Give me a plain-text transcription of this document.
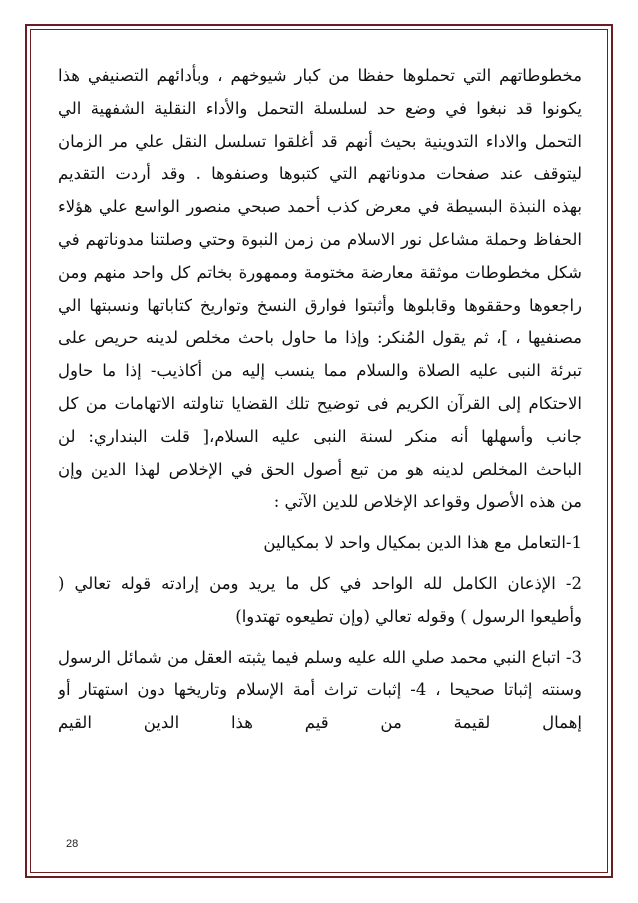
مخطوطاتهم التي تحملوها حفظا من كبار شيوخهم ، وبأدائهم التصنيفي هذا
يكونوا قد نبغوا في وضع حد لسلسلة التحمل والأداء النقلية الشفهية الي
التحمل والاداء التدوينية بحيث أنهم قد أغلقوا تسلسل النقل علي مر الزمان
ليتوقف عند صفحات مدوناتهم التي كتبوها وصنفوها . وقد أردت التقديم
بهذه النبذة البسيطة في معرض كذب أحمد صبحي منصور الواسع علي هؤلاء
الحفاظ وحملة مشاعل نور الاسلام من زمن النبوة وحتي وصلتنا مدوناتهم في
شكل مخطوطات موثقة معارضة مختومة وممهورة بخاتم كل واحد منهم ومن
راجعوها وحققوها وقابلوها وأثبتوا فوارق النسخ وتواريخ كتاباتها ونسبتها الي
مصنفيها ، ]، ثم يقول المُنكر: وإذا ما حاول باحث مخلص لدينه حريص على
تبرئة النبى عليه الصلاة والسلام مما ينسب إليه من أكاذيب- إذا ما حاول
الاحتكام إلى القرآن الكريم فى توضيح تلك القضايا تناولته الاتهامات من كل
جانب وأسهلها أنه منكر لسنة النبى عليه السلام،[ قلت البنداري: لن
الباحث المخلص لدينه هو من تبع أصول الحق في الإخلاص لهذا الدين وإن
من هذه الأصول وقواعد الإخلاص للدين الآتي :
1-التعامل مع هذا الدين بمكيال واحد لا بمكيالين
2- الإذعان الكامل لله الواحد في كل ما يريد ومن إرادته قوله تعالي (
وأطيعوا الرسول ) وقوله تعالي (وإن تطيعوه تهتدوا)
3- اتباع النبي محمد صلي الله عليه وسلم فيما يثبته العقل من شمائل الرسول
وسنته إثباتا صحيحا ، 4- إثبات تراث أمة الإسلام وتاريخها دون استهتار أو
إهمال لقيمة من قيم هذا الدين القيم
28
